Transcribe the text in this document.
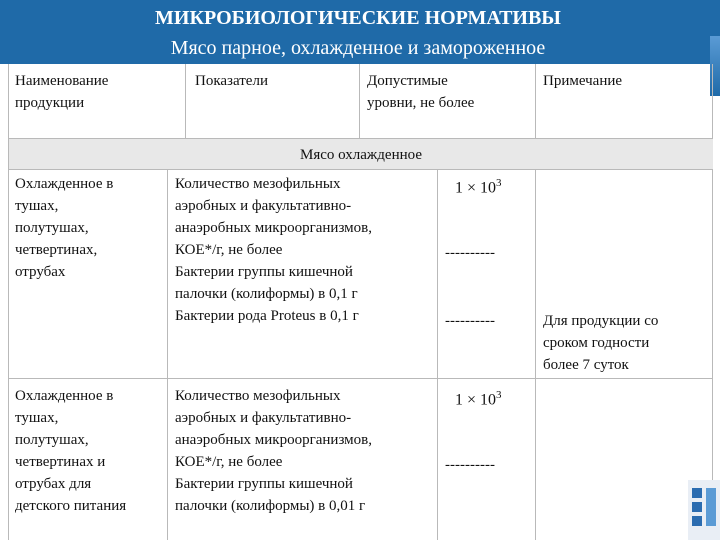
МИКРОБИОЛОГИЧЕСКИЕ НОРМАТИВЫ
Мясо парное, охлажденное и замороженное
Наименование
продукции
Показатели	Допустимые
уровни, не более
Примечание
Мясо охлажденное
Охлажденное в
тушах,
полутушах,
четвертинах,
отрубах
Количество мезофильных
аэробных и факультативно-
анаэробных микроорганизмов,
КОЕ*/г, не более
Бактерии группы кишечной
палочки (колиформы) в 0,1 г
Бактерии рода Proteus в 0,1 г
$1 \times 10^3$
----------
----------	Для продукции со
сроком годности
более 7 суток
Охлажденное в
тушах,
полутушах,
четвертинах и
отрубах для
детского питания
Количество мезофильных
аэробных и факультативно-
анаэробных микроорганизмов,
КОЕ*/г, не более
Бактерии группы кишечной
палочки (колиформы) в 0,01 г
$1 \times 10^3$
----------
